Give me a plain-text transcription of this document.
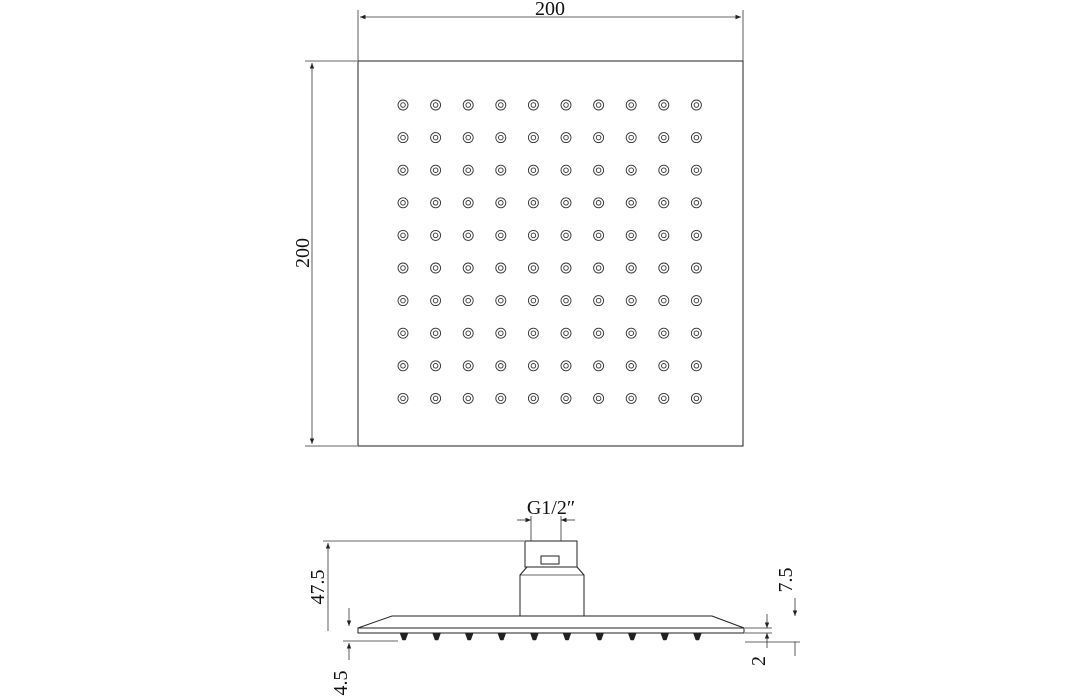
200
200
G1/2″
47.5
4.5
7.5
2
